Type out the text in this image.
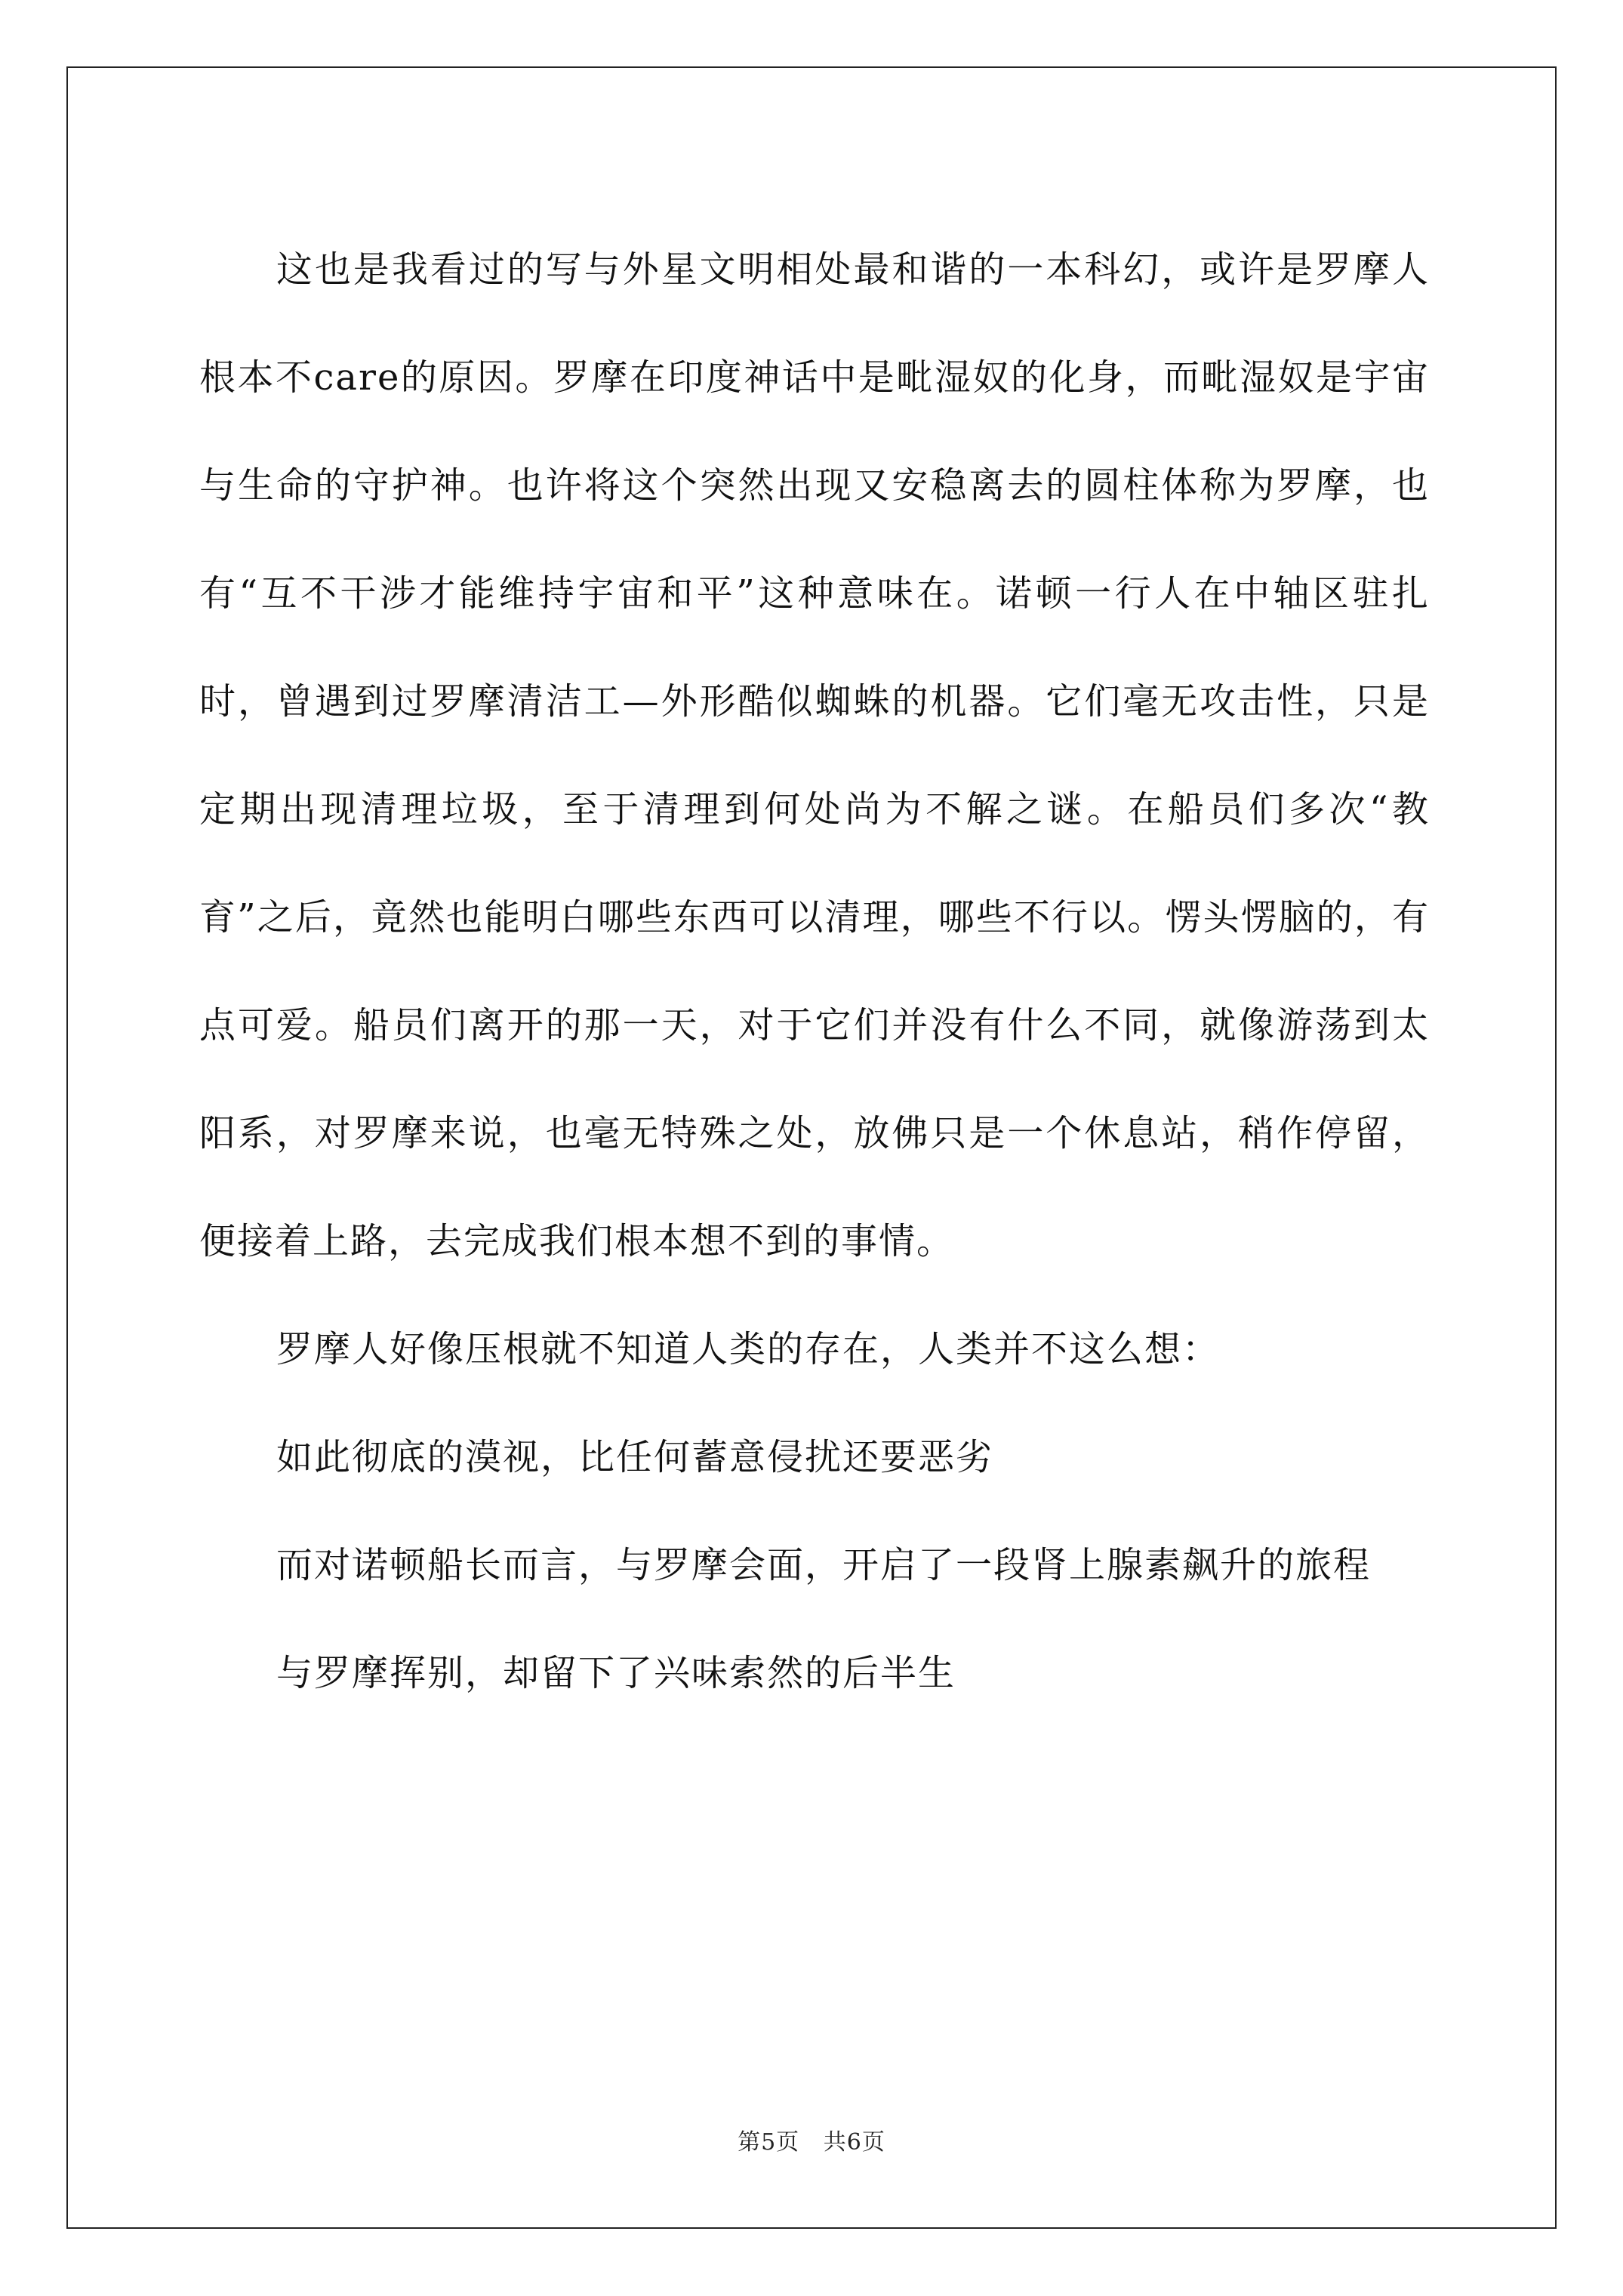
这也是我看过的写与外星文明相处最和谐的一本科幻，或许是罗摩人根本不care的原因。罗摩在印度神话中是毗湿奴的化身，而毗湿奴是宇宙与生命的守护神。也许将这个突然出现又安稳离去的圆柱体称为罗摩，也有“互不干涉才能维持宇宙和平”这种意味在。诺顿一行人在中轴区驻扎时，曾遇到过罗摩清洁工—外形酷似蜘蛛的机器。它们毫无攻击性，只是定期出现清理垃圾，至于清理到何处尚为不解之谜。在船员们多次“教育”之后，竟然也能明白哪些东西可以清理，哪些不行以。愣头愣脑的，有点可爱。船员们离开的那一天，对于它们并没有什么不同，就像游荡到太阳系，对罗摩来说，也毫无特殊之处，放佛只是一个休息站，稍作停留，便接着上路，去完成我们根本想不到的事情。

罗摩人好像压根就不知道人类的存在，人类并不这么想：

如此彻底的漠视，比任何蓄意侵扰还要恶劣

而对诺顿船长而言，与罗摩会面，开启了一段肾上腺素飙升的旅程

与罗摩挥别，却留下了兴味索然的后半生

第5页 共6页
